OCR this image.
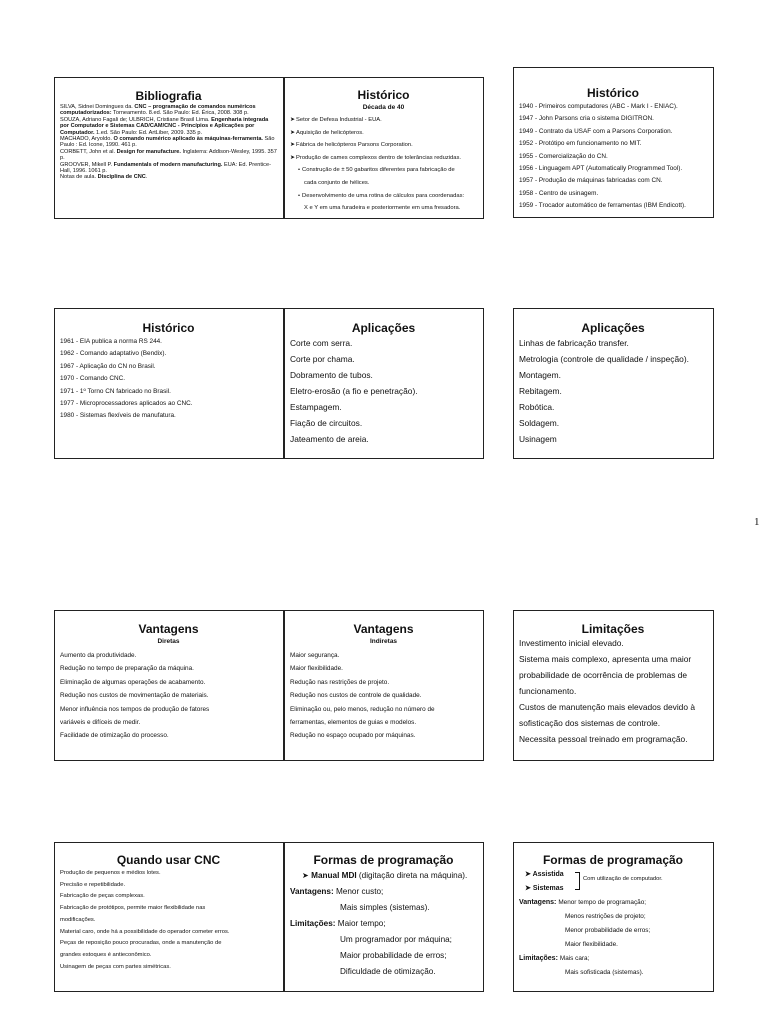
Bibliografia

SILVA, Sidnei Domingues da. CNC – programação de comandos numéricos computadorizados: Torneamento. 8.ed. São Paulo: Ed. Érica, 2008. 308 p.

SOUZA, Adriano Fagali de; ULBRICH, Cristiane Brasil Lima. Engenharia integrada por Computador e Sistemas CAD/CAM/CNC - Princípios e Aplicações por Computador. 1.ed. São Paulo: Ed. ArtLiber, 2009. 335 p.

MACHADO, Aryoldo. O comando numérico aplicado às máquinas-ferramenta. São Paulo : Ed. Icone, 1990. 461 p.

CORBETT, John et al. Design for manufacture. Inglaterra: Addison-Wesley, 1995. 357 p.

GROOVER, Mikell P. Fundamentals of modern manufacturing. EUA: Ed. Prentice-Hall, 1996. 1061 p.

Notas de aula. Disciplina de CNC.

Histórico
Década de 40
➤ Setor de Defesa Industrial - EUA.
➤ Aquisição de helicópteros.
➤ Fábrica de helicópteros Parsons Corporation.
➤ Produção de cames complexos dentro de tolerâncias reduzidas.
• Construção de ± 50 gabaritos diferentes para fabricação de
cada conjunto de hélices.
• Desenvolvimento de uma rotina de cálculos para coordenadas:
X e Y em uma furadeira e posteriormente em uma fresadora.
Histórico
1940 - Primeiros computadores (ABC - Mark I - ENIAC).
1947 - John Parsons cria o sistema DIGITRON.
1949 - Contrato da USAF com a Parsons Corporation.
1952 - Protótipo em funcionamento no MIT.
1955 - Comercialização do CN.
1956 - Linguagem APT (Automatically Programmed Tool).
1957 - Produção de máquinas fabricadas com CN.
1958 - Centro de usinagem.
1959 - Trocador automático de ferramentas (IBM Endicott).
Histórico
1961 - EIA publica a norma RS 244.
1962 - Comando adaptativo (Bendix).
1967 - Aplicação do CN no Brasil.
1970 - Comando CNC.
1971 - 1º Torno CN fabricado no Brasil.
1977 - Microprocessadores aplicados ao CNC.
1980 - Sistemas flexíveis de manufatura.
Aplicações
Corte com serra.
Corte por chama.
Dobramento de tubos.
Eletro-erosão (a fio e penetração).
Estampagem.
Fiação de circuitos.
Jateamento de areia.
Aplicações
Linhas de fabricação transfer.
Metrologia (controle de qualidade / inspeção).
Montagem.
Rebitagem.
Robótica.
Soldagem.
Usinagem
1
Vantagens
Diretas
Aumento da produtividade.
Redução no tempo de preparação da máquina.
Eliminação de algumas operações de acabamento.
Redução nos custos de movimentação de materiais.
Menor influência nos tempos de produção de fatores
variáveis e difíceis de medir.
Facilidade de otimização do processo.
Vantagens
Indiretas
Maior segurança.
Maior flexibilidade.
Redução nas restrições de projeto.
Redução nos custos de controle de qualidade.
Eliminação ou, pelo menos, redução no número de
ferramentas, elementos de guias e modelos.
Redução no espaço ocupado por máquinas.
Limitações
Investimento inicial elevado.
Sistema mais complexo, apresenta uma maior
probabilidade de ocorrência de problemas de
funcionamento.
Custos de manutenção mais elevados devido à
sofisticação dos sistemas de controle.
Necessita pessoal treinado em programação.
Quando usar CNC
Produção de pequenos e médios lotes.
Precisão e repetibilidade.
Fabricação de peças complexas.
Fabricação de protótipos, permite maior flexibilidade nas
modificações.
Material caro, onde há a possibilidade do operador cometer erros.
Peças de reposição pouco procuradas, onde a manutenção de
grandes estoques é antieconômico.
Usinagem de peças com partes simétricas.
Formas de programação
➤ Manual MDI (digitação direta na máquina).
Vantagens: Menor custo;
Mais simples (sistemas).
Limitações: Maior tempo;
Um programador por máquina;
Maior probabilidade de erros;
Dificuldade de otimização.
Formas de programação
➤ Assistida
➤ Sistemas
Com utilização de computador.
Vantagens: Menor tempo de programação;
Menos restrições de projeto;
Menor probabilidade de erros;
Maior flexibilidade.
Limitações: Mais cara;
Mais sofisticada (sistemas).
